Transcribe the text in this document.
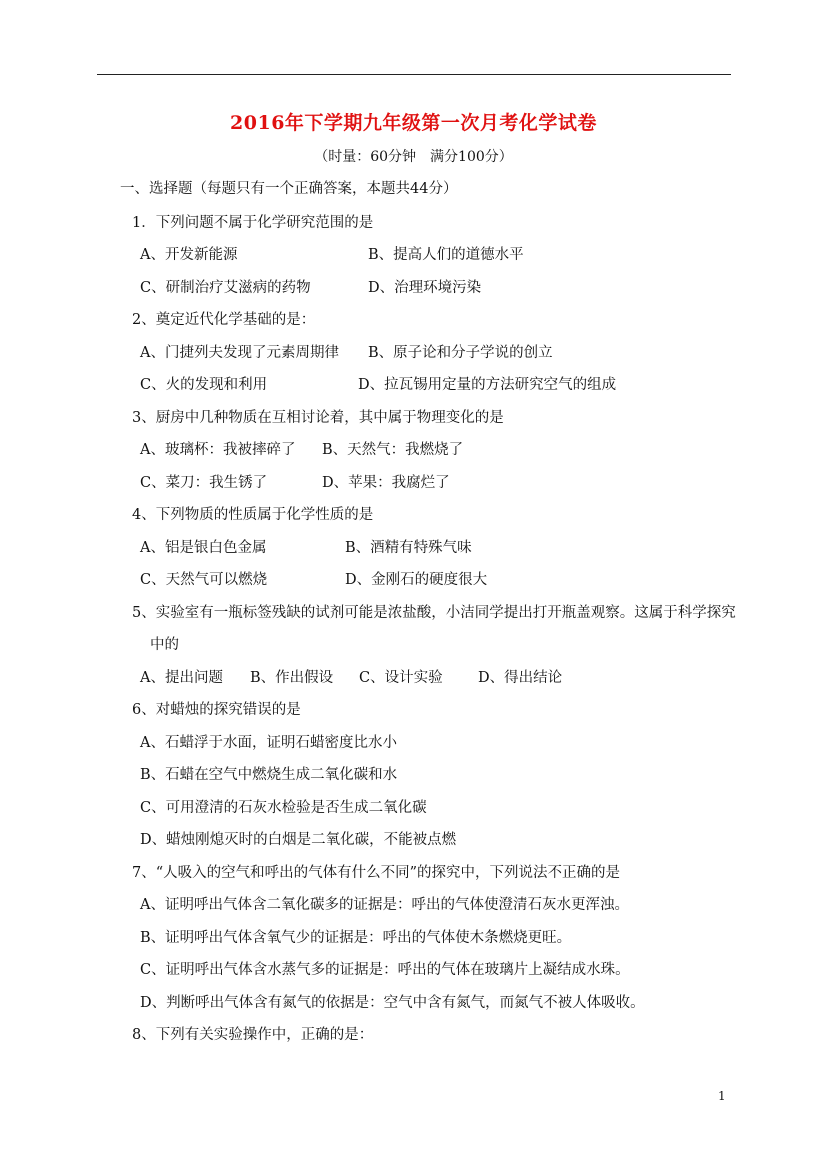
2016年下学期九年级第一次月考化学试卷
（时量：60分钟　满分100分）
一、选择题（每题只有一个正确答案，本题共44分）
1．下列问题不属于化学研究范围的是
A、开发新能源	B、提高人们的道德水平
C、研制治疗艾滋病的药物	D、治理环境污染
2、奠定近代化学基础的是：
A、门捷列夫发现了元素周期律 B、原子论和分子学说的创立
C、火的发现和利用	D、拉瓦锡用定量的方法研究空气的组成
3、厨房中几种物质在互相讨论着，其中属于物理变化的是
A、玻璃杯：我被摔碎了 B、天然气：我燃烧了
C、菜刀：我生锈了	D、苹果：我腐烂了
4、下列物质的性质属于化学性质的是
A、铝是银白色金属	B、酒精有特殊气味
C、天然气可以燃烧	D、金刚石的硬度很大
5、实验室有一瓶标签残缺的试剂可能是浓盐酸，小洁同学提出打开瓶盖观察。这属于科学探究
中的
A、提出问题 B、作出假设 C、设计实验 D、得出结论
6、对蜡烛的探究错误的是
A、石蜡浮于水面，证明石蜡密度比水小
B、石蜡在空气中燃烧生成二氧化碳和水
C、可用澄清的石灰水检验是否生成二氧化碳
D、蜡烛刚熄灭时的白烟是二氧化碳，不能被点燃
7、“人吸入的空气和呼出的气体有什么不同”的探究中，下列说法不正确的是
A、证明呼出气体含二氧化碳多的证据是：呼出的气体使澄清石灰水更浑浊。
B、证明呼出气体含氧气少的证据是：呼出的气体使木条燃烧更旺。
C、证明呼出气体含水蒸气多的证据是：呼出的气体在玻璃片上凝结成水珠。
D、判断呼出气体含有氮气的依据是：空气中含有氮气，而氮气不被人体吸收。
8、下列有关实验操作中，正确的是：
1
